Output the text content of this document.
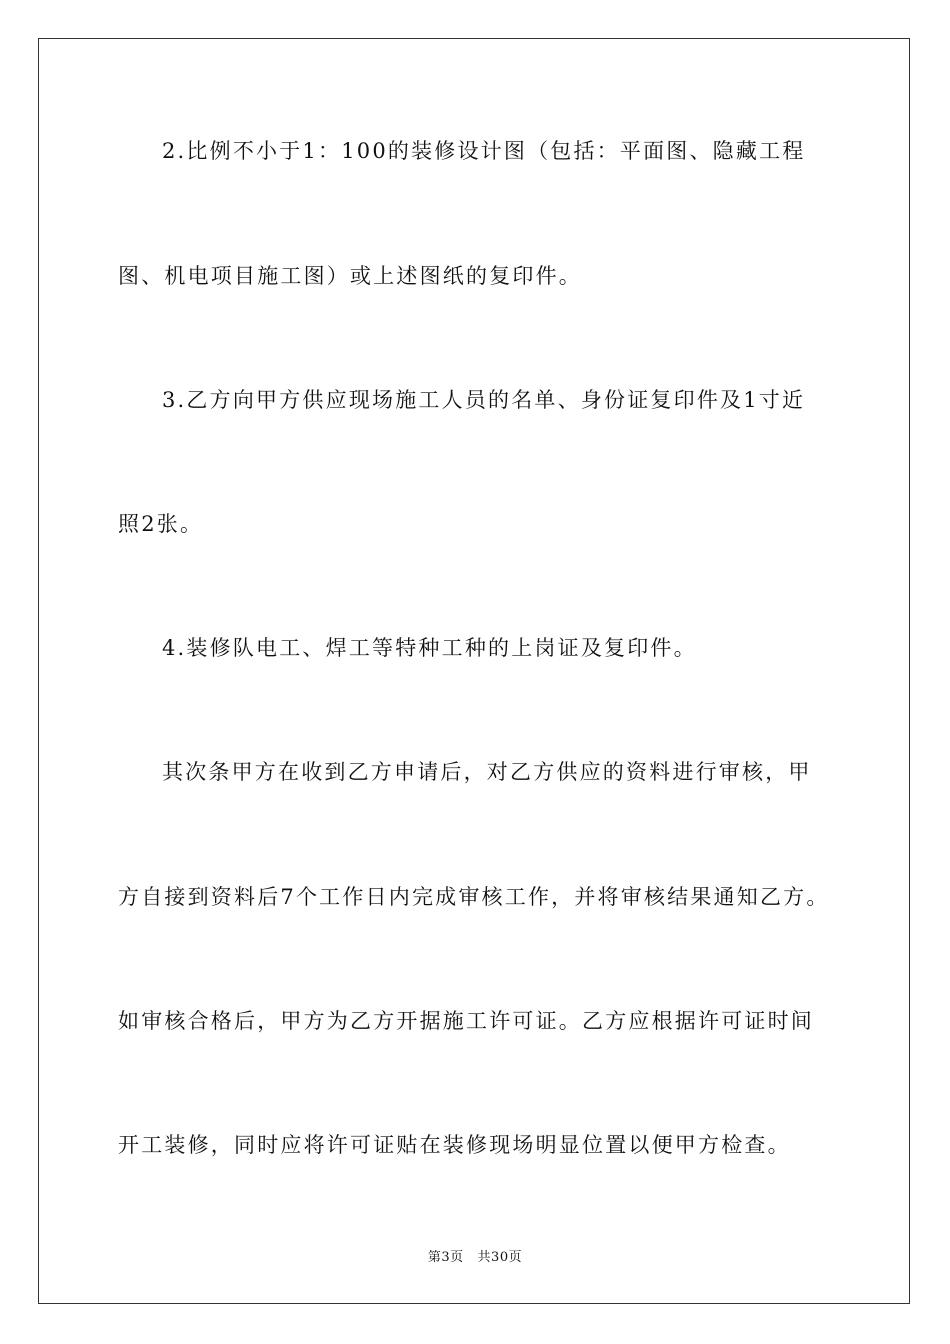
2.比例不小于1：100的装修设计图（包括：平面图、隐藏工程
图、机电项目施工图）或上述图纸的复印件。
3.乙方向甲方供应现场施工人员的名单、身份证复印件及1寸近
照2张。
4.装修队电工、焊工等特种工种的上岗证及复印件。
其次条甲方在收到乙方申请后，对乙方供应的资料进行审核，甲
方自接到资料后7个工作日内完成审核工作，并将审核结果通知乙方。
如审核合格后，甲方为乙方开据施工许可证。乙方应根据许可证时间
开工装修，同时应将许可证贴在装修现场明显位置以便甲方检查。
第3页   共30页
